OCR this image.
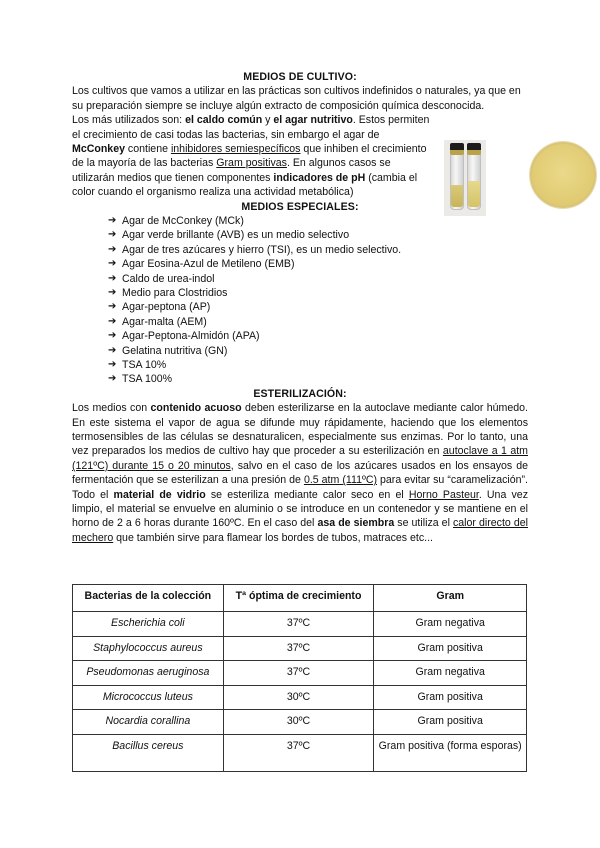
MEDIOS DE CULTIVO:

Los cultivos que vamos a utilizar en las prácticas son cultivos indefinidos o naturales, ya que en su preparación siempre se incluye algún extracto de composición química desconocida.

Los más utilizados son: el caldo común y el agar nutritivo. Estos permiten el crecimiento de casi todas las bacterias, sin embargo el agar de McConkey contiene inhibidores semiespecíficos que inhiben el crecimiento de la mayoría de las bacterias Gram positivas. En algunos casos se utilizarán medios que tienen componentes indicadores de pH (cambia el color cuando el organismo realiza una actividad metabólica)

MEDIOS ESPECIALES:
➔ Agar de McConkey (MCk)
➔ Agar verde brillante (AVB) es un medio selectivo
➔ Agar de tres azúcares y hierro (TSI), es un medio selectivo.
➔ Agar Eosina-Azul de Metileno (EMB)
➔ Caldo de urea-indol
➔ Medio para Clostridios
➔ Agar-peptona (AP)
➔ Agar-malta (AEM)
➔ Agar-Peptona-Almidón (APA)
➔ Gelatina nutritiva (GN)
➔ TSA 10%
➔ TSA 100%
ESTERILIZACIÓN:

Los medios con contenido acuoso deben esterilizarse en la autoclave mediante calor húmedo. En este sistema el vapor de agua se difunde muy rápidamente, haciendo que los elementos termosensibles de las células se desnaturalicen, especialmente sus enzimas. Por lo tanto, una vez preparados los medios de cultivo hay que proceder a su esterilización en autoclave a 1 atm (121ºC) durante 15 o 20 minutos, salvo en el caso de los azúcares usados en los ensayos de fermentación que se esterilizan a una presión de 0.5 atm (111ºC) para evitar su “caramelización”. Todo el material de vidrio se esteriliza mediante calor seco en el Horno Pasteur. Una vez limpio, el material se envuelve en aluminio o se introduce en un contenedor y se mantiene en el horno de 2 a 6 horas durante 160ºC. En el caso del asa de siembra se utiliza el calor directo del mechero que también sirve para flamear los bordes de tubos, matraces etc...

Bacterias de la colección	Tª óptima de crecimiento	Gram
Escherichia coli	37ºC	Gram negativa
Staphylococcus aureus	37ºC	Gram positiva
Pseudomonas aeruginosa	37ºC	Gram negativa
Micrococcus luteus	30ºC	Gram positiva
Nocardia corallina	30ºC	Gram positiva
Bacillus cereus	37ºC	Gram positiva (forma esporas)
